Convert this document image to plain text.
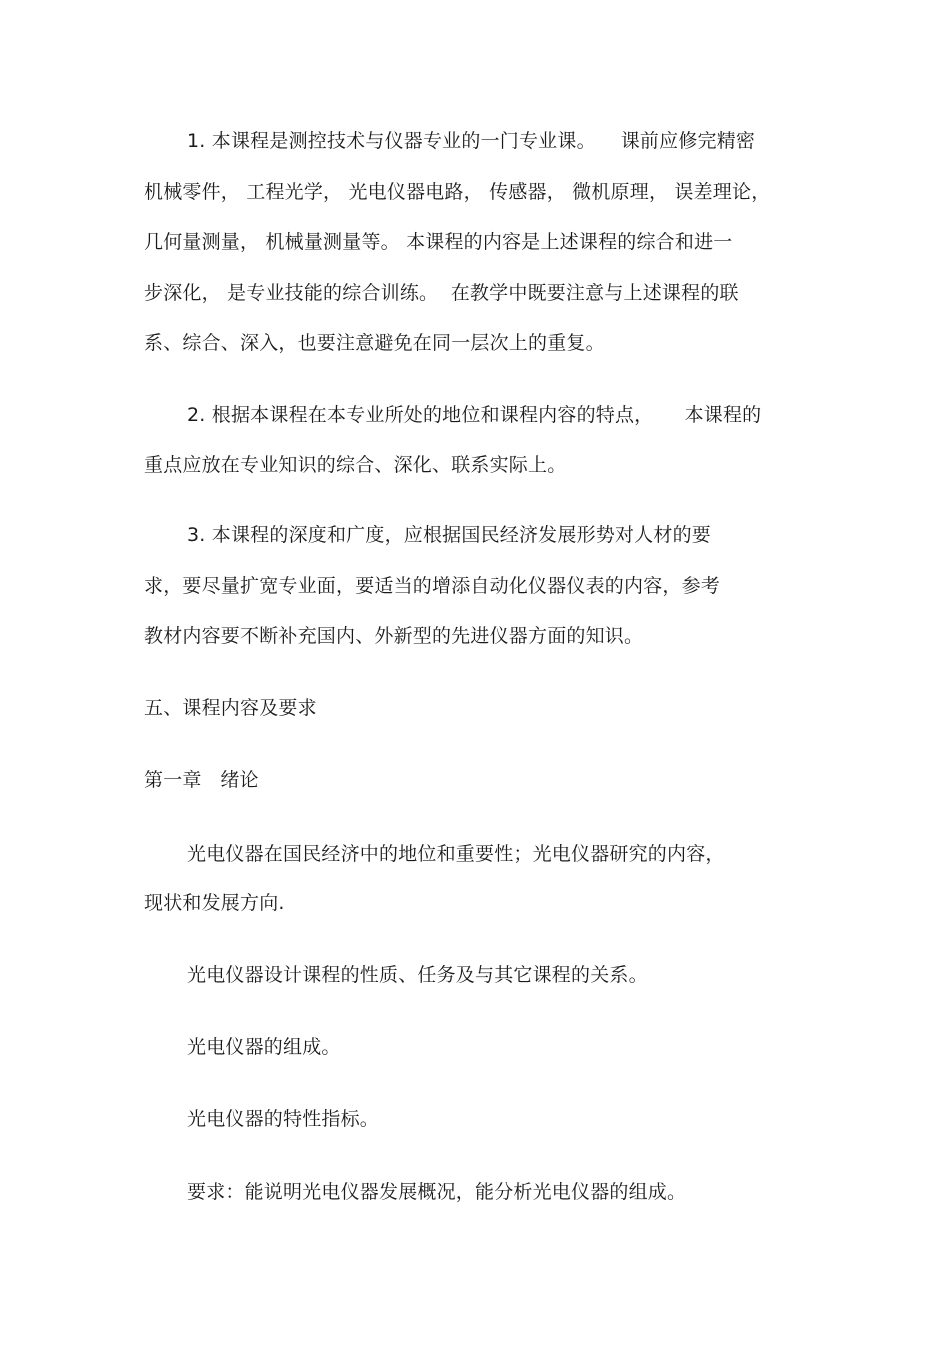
1. 本课程是测控技术与仪器专业的一门专业课。    课前应修完精密
机械零件， 工程光学， 光电仪器电路， 传感器， 微机原理， 误差理论，
几何量测量， 机械量测量等。 本课程的内容是上述课程的综合和进一
步深化， 是专业技能的综合训练。  在教学中既要注意与上述课程的联
系、综合、深入，也要注意避免在同一层次上的重复。
2. 根据本课程在本专业所处的地位和课程内容的特点，     本课程的
重点应放在专业知识的综合、深化、联系实际上。
3. 本课程的深度和广度，应根据国民经济发展形势对人材的要
求，要尽量扩宽专业面，要适当的增添自动化仪器仪表的内容，参考
教材内容要不断补充国内、外新型的先进仪器方面的知识。
五、课程内容及要求
第一章   绪论
光电仪器在国民经济中的地位和重要性；光电仪器研究的内容，
现状和发展方向.
光电仪器设计课程的性质、任务及与其它课程的关系。
光电仪器的组成。
光电仪器的特性指标。
要求：能说明光电仪器发展概况，能分析光电仪器的组成。
